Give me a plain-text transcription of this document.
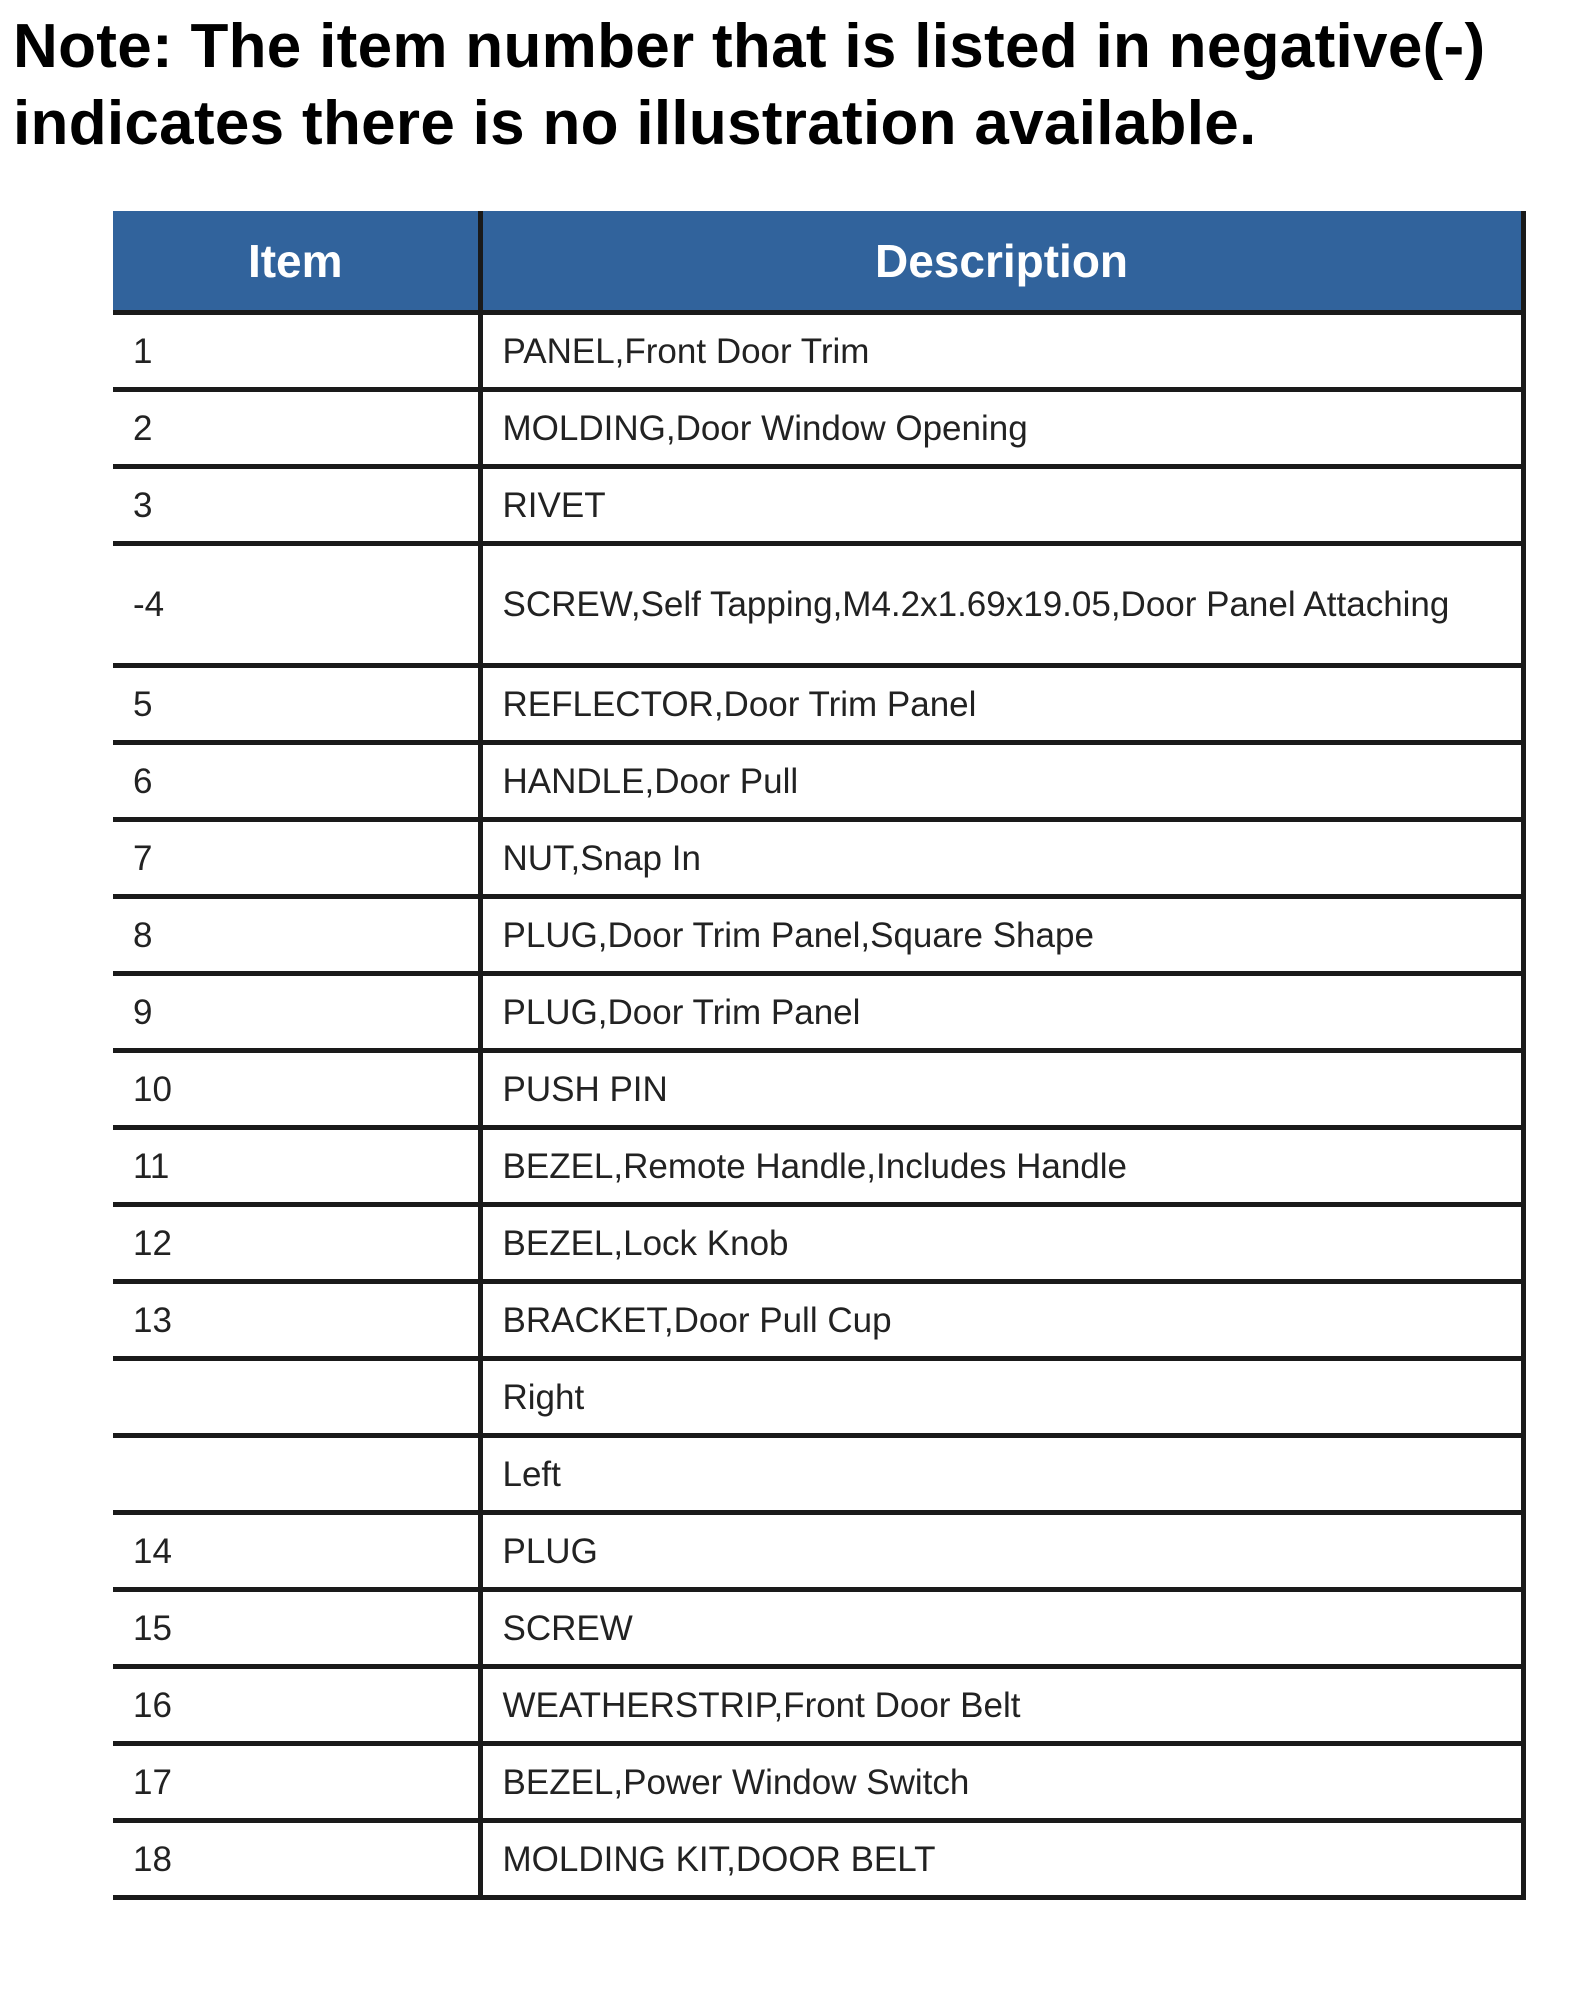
Note: The item number that is listed in negative(-)
indicates there is no illustration available.
Item	Description
1	PANEL,Front Door Trim
2	MOLDING,Door Window Opening
3	RIVET
-4	SCREW,Self Tapping,M4.2x1.69x19.05,Door Panel Attaching
5	REFLECTOR,Door Trim Panel
6	HANDLE,Door Pull
7	NUT,Snap In
8	PLUG,Door Trim Panel,Square Shape
9	PLUG,Door Trim Panel
10	PUSH PIN
11	BEZEL,Remote Handle,Includes Handle
12	BEZEL,Lock Knob
13	BRACKET,Door Pull Cup
	Right
	Left
14	PLUG
15	SCREW
16	WEATHERSTRIP,Front Door Belt
17	BEZEL,Power Window Switch
18	MOLDING KIT,DOOR BELT
